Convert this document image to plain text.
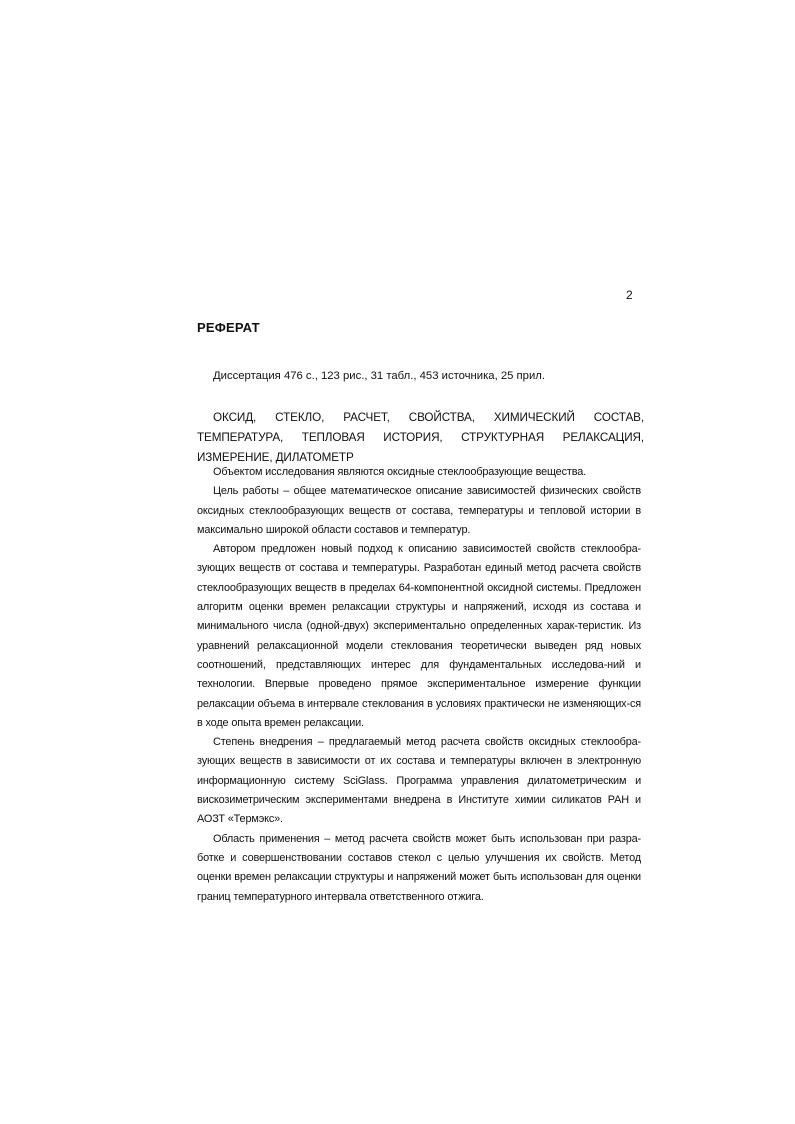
2
РЕФЕРАТ
Диссертация 476 с., 123 рис., 31 табл., 453 источника, 25 прил.
ОКСИД, СТЕКЛО, РАСЧЕТ, СВОЙСТВА, ХИМИЧЕСКИЙ СОСТАВ, ТЕМПЕРАТУРА, ТЕПЛОВАЯ ИСТОРИЯ, СТРУКТУРНАЯ РЕЛАКСАЦИЯ, ИЗМЕРЕНИЕ, ДИЛАТОМЕТР

Объектом исследования являются оксидные стеклообразующие вещества.

Цель работы – общее математическое описание зависимостей физических свойств оксидных стеклообразующих веществ от состава, температуры и тепловой истории в максимально широкой области составов и температур.

Автором предложен новый подход к описанию зависимостей свойств стеклообра-зующих веществ от состава и температуры. Разработан единый метод расчета свойств стеклообразующих веществ в пределах 64-компонентной оксидной системы. Предложен алгоритм оценки времен релаксации структуры и напряжений, исходя из состава и минимального числа (одной-двух) экспериментально определенных харак-теристик. Из уравнений релаксационной модели стеклования теоретически выведен ряд новых соотношений, представляющих интерес для фундаментальных исследова-ний и технологии. Впервые проведено прямое экспериментальное измерение функции релаксации объема в интервале стеклования в условиях практически не изменяющих-ся в ходе опыта времен релаксации.

Степень внедрения – предлагаемый метод расчета свойств оксидных стеклообра-зующих веществ в зависимости от их состава и температуры включен в электронную информационную систему SciGlass. Программа управления дилатометрическим и вискозиметрическим экспериментами внедрена в Институте химии силикатов РАН и АОЗТ «Термэкс».

Область применения – метод расчета свойств может быть использован при разра-ботке и совершенствовании составов стекол с целью улучшения их свойств. Метод оценки времен релаксации структуры и напряжений может быть использован для оценки границ температурного интервала ответственного отжига.
